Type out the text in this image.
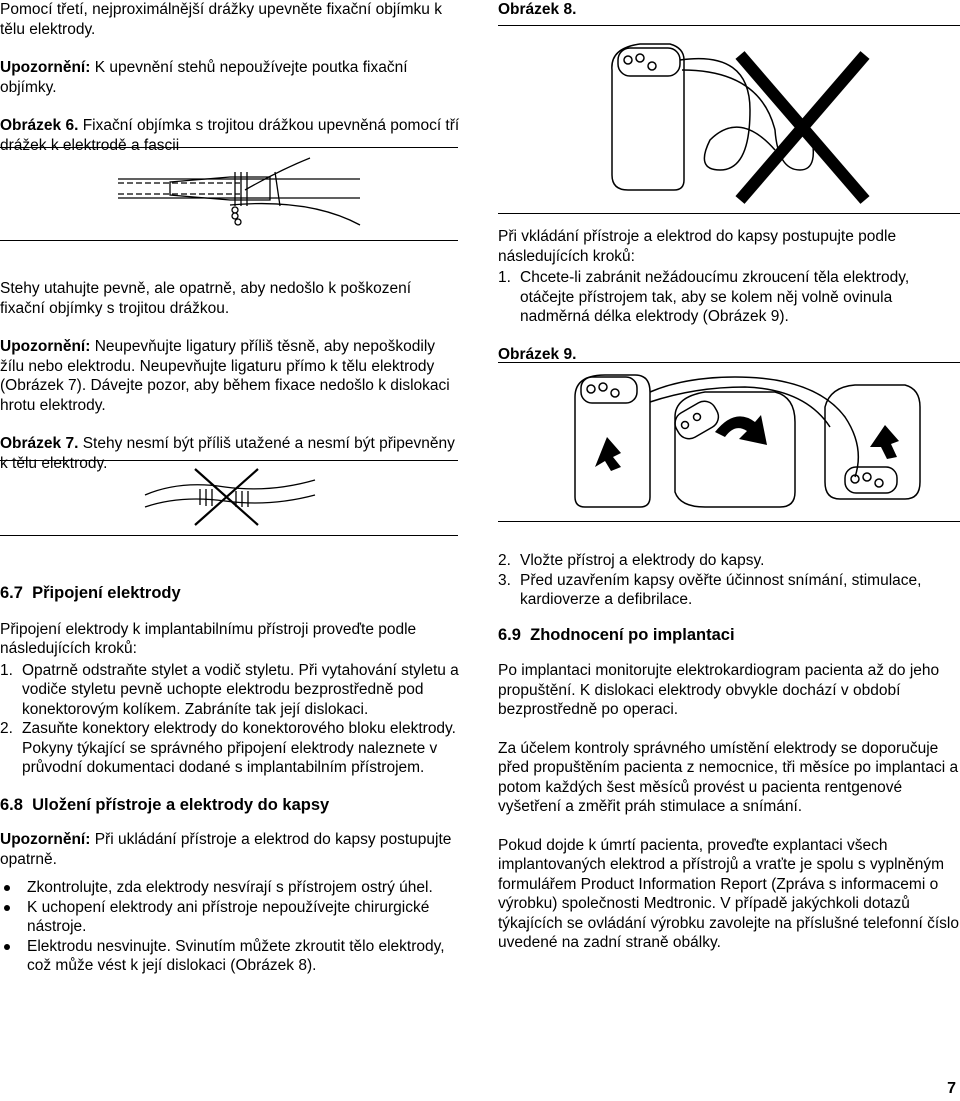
Pomocí třetí, nejproximálnější drážky upevněte fixační objímku k tělu elektrody.

Upozornění: K upevnění stehů nepoužívejte poutka fixační objímky.

Obrázek 6. Fixační objímka s trojitou drážkou upevněná pomocí tří drážek k elektrodě a fascii

Stehy utahujte pevně, ale opatrně, aby nedošlo k poškození fixační objímky s trojitou drážkou.

Upozornění: Neupevňujte ligatury příliš těsně, aby nepoškodily žílu nebo elektrodu. Neupevňujte ligaturu přímo k tělu elektrody (Obrázek 7). Dávejte pozor, aby během fixace nedošlo k dislokaci hrotu elektrody.

Obrázek 7. Stehy nesmí být příliš utažené a nesmí být připevněny k tělu elektrody.

Obrázek 8.

Při vkládání přístroje a elektrod do kapsy postupujte podle následujících kroků:

1. Chcete-li zabránit nežádoucímu zkroucení těla elektrody, otáčejte přístrojem tak, aby se kolem něj volně ovinula nadměrná délka elektrody (Obrázek 9).

Obrázek 9.

6.7 Připojení elektrody

Připojení elektrody k implantabilnímu přístroji proveďte podle následujících kroků:

1. Opatrně odstraňte stylet a vodič styletu. Při vytahování styletu a vodiče styletu pevně uchopte elektrodu bezprostředně pod konektorovým kolíkem. Zabráníte tak její dislokaci.
2. Zasuňte konektory elektrody do konektorového bloku elektrody. Pokyny týkající se správného připojení elektrody naleznete v průvodní dokumentaci dodané s implantabilním přístrojem.

6.8 Uložení přístroje a elektrody do kapsy

Upozornění: Při ukládání přístroje a elektrod do kapsy postupujte opatrně.

Zkontrolujte, zda elektrody nesvírají s přístrojem ostrý úhel.
K uchopení elektrody ani přístroje nepoužívejte chirurgické nástroje.
Elektrodu nesvinujte. Svinutím můžete zkroutit tělo elektrody, což může vést k její dislokaci (Obrázek 8).
2. Vložte přístroj a elektrody do kapsy.
3. Před uzavřením kapsy ověřte účinnost snímání, stimulace, kardioverze a defibrilace.

6.9 Zhodnocení po implantaci

Po implantaci monitorujte elektrokardiogram pacienta až do jeho propuštění. K dislokaci elektrody obvykle dochází v období bezprostředně po operaci.

Za účelem kontroly správného umístění elektrody se doporučuje před propuštěním pacienta z nemocnice, tři měsíce po implantaci a potom každých šest měsíců provést u pacienta rentgenové vyšetření a změřit práh stimulace a snímání.

Pokud dojde k úmrtí pacienta, proveďte explantaci všech implantovaných elektrod a přístrojů a vraťte je spolu s vyplněným formulářem Product Information Report (Zpráva s informacemi o výrobku) společnosti Medtronic. V případě jakýchkoli dotazů týkajících se ovládání výrobku zavolejte na příslušné telefonní číslo uvedené na zadní straně obálky.

7
